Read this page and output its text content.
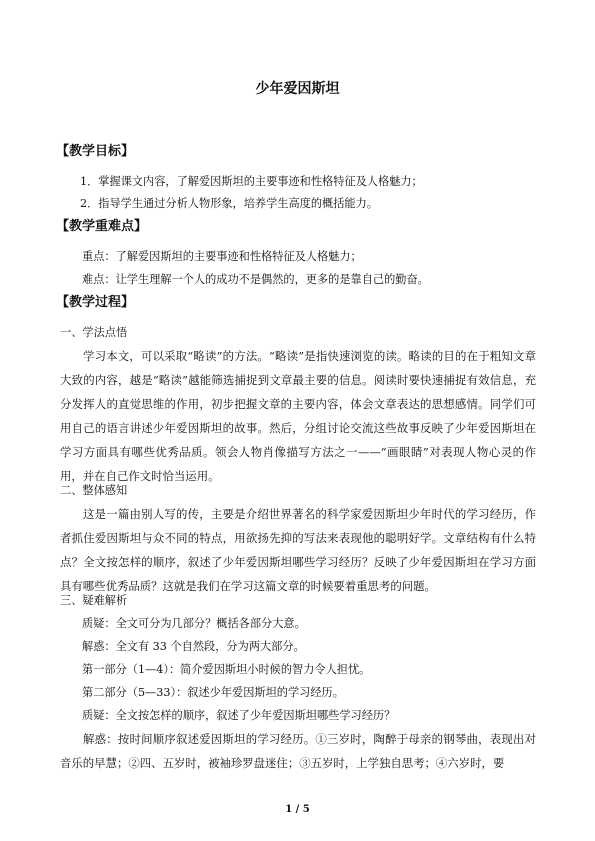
少年爱因斯坦
【教学目标】
1．掌握课文内容，了解爱因斯坦的主要事迹和性格特征及人格魅力；
2．指导学生通过分析人物形象，培养学生高度的概括能力。
【教学重难点】
重点：了解爱因斯坦的主要事迹和性格特征及人格魅力；
难点：让学生理解一个人的成功不是偶然的，更多的是靠自己的勤奋。
【教学过程】
一、学法点悟

学习本文，可以采取“略读”的方法。“略读”是指快速浏览的读。略读的目的在于粗知文章大致的内容，越是“略读”越能筛选捕捉到文章最主要的信息。阅读时要快速捕捉有效信息，充分发挥人的直觉思维的作用，初步把握文章的主要内容，体会文章表达的思想感情。同学们可用自己的语言讲述少年爱因斯坦的故事。然后，分组讨论交流这些故事反映了少年爱因斯坦在学习方面具有哪些优秀品质。领会人物肖像描写方法之一——“画眼睛”对表现人物心灵的作用，并在自己作文时恰当运用。

二、整体感知

这是一篇由别人写的传，主要是介绍世界著名的科学家爱因斯坦少年时代的学习经历，作者抓住爱因斯坦与众不同的特点，用欲扬先抑的写法来表现他的聪明好学。文章结构有什么特点？全文按怎样的顺序，叙述了少年爱因斯坦哪些学习经历？反映了少年爱因斯坦在学习方面具有哪些优秀品质？这就是我们在学习这篇文章的时候要着重思考的问题。

三、疑难解析
质疑：全文可分为几部分？概括各部分大意。
解惑：全文有 33 个自然段，分为两大部分。
第一部分（1—4）：简介爱因斯坦小时候的智力令人担忧。
第二部分（5—33）：叙述少年爱因斯坦的学习经历。
质疑：全文按怎样的顺序，叙述了少年爱因斯坦哪些学习经历？

解惑：按时间顺序叙述爱因斯坦的学习经历。①三岁时，陶醉于母亲的钢琴曲，表现出对音乐的早慧；②四、五岁时，被袖珍罗盘迷住；③五岁时，上学独自思考；④六岁时，要

1 / 5
